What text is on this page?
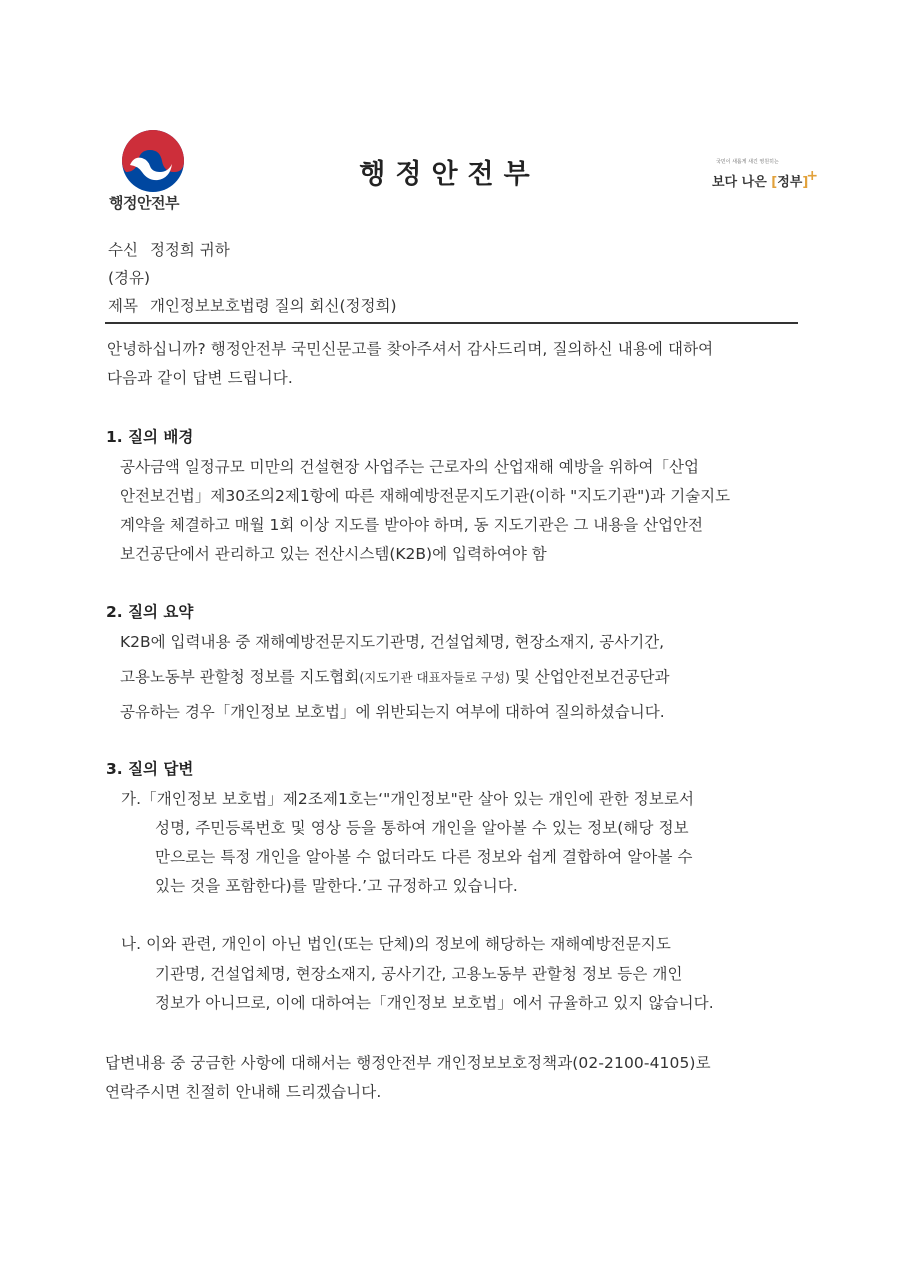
행정안전부
행정안전부	국민이 새롭게 새긴 영원히는
보다 나은 [정부]+
수신 정정희 귀하
(경유)
제목 개인정보보호법령 질의 회신(정정희)
안녕하십니까? 행정안전부 국민신문고를 찾아주셔서 감사드리며, 질의하신 내용에 대하여
다음과 같이 답변 드립니다.
1. 질의 배경
공사금액 일정규모 미만의 건설현장 사업주는 근로자의 산업재해 예방을 위하여「산업
안전보건법」제30조의2제1항에 따른 재해예방전문지도기관(이하 "지도기관")과 기술지도
계약을 체결하고 매월 1회 이상 지도를 받아야 하며, 동 지도기관은 그 내용을 산업안전
보건공단에서 관리하고 있는 전산시스템(K2B)에 입력하여야 함
2. 질의 요약
K2B에 입력내용 중 재해예방전문지도기관명, 건설업체명, 현장소재지, 공사기간,
고용노동부 관할청 정보를 지도협회(지도기관 대표자들로 구성) 및 산업안전보건공단과
공유하는 경우「개인정보 보호법」에 위반되는지 여부에 대하여 질의하셨습니다.
3. 질의 답변
가.「개인정보 보호법」제2조제1호는‘"개인정보"란 살아 있는 개인에 관한 정보로서
성명, 주민등록번호 및 영상 등을 통하여 개인을 알아볼 수 있는 정보(해당 정보
만으로는 특정 개인을 알아볼 수 없더라도 다른 정보와 쉽게 결합하여 알아볼 수
있는 것을 포함한다)를 말한다.’고 규정하고 있습니다.
나. 이와 관련, 개인이 아닌 법인(또는 단체)의 정보에 해당하는 재해예방전문지도
기관명, 건설업체명, 현장소재지, 공사기간, 고용노동부 관할청 정보 등은 개인
정보가 아니므로, 이에 대하여는「개인정보 보호법」에서 규율하고 있지 않습니다.
답변내용 중 궁금한 사항에 대해서는 행정안전부 개인정보보호정책과(02-2100-4105)로
연락주시면 친절히 안내해 드리겠습니다.
